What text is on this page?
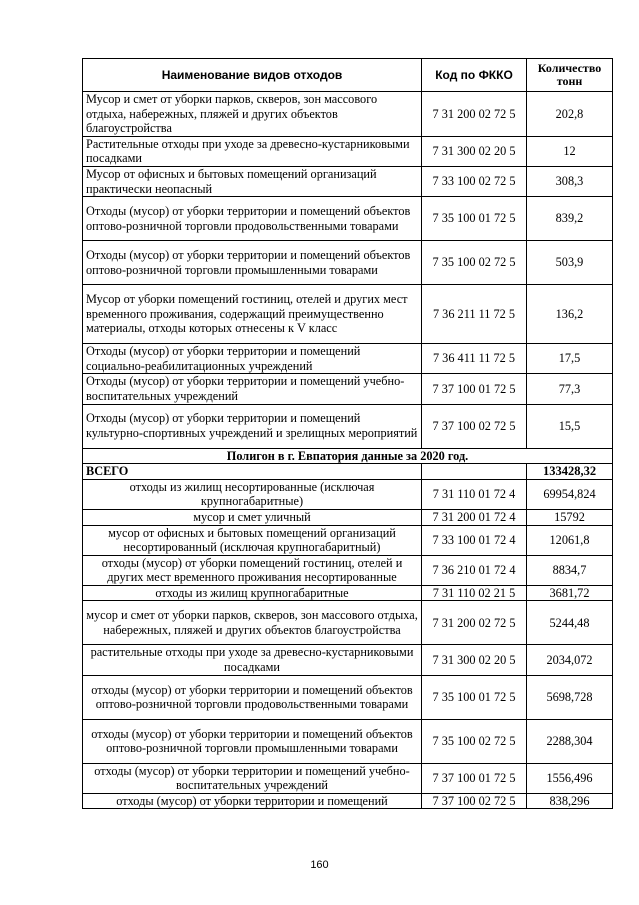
Наименование видов отходов	Код по ФККО	Количество тонн
Мусор и смет от уборки парков, скверов, зон массового отдыха, набережных, пляжей и других объектов благоустройства	7 31 200 02 72 5	202,8
Растительные отходы при уходе за древесно-кустарниковыми посадками	7 31 300 02 20 5	12
Мусор от офисных и бытовых помещений организаций практически неопасный	7 33 100 02 72 5	308,3
Отходы (мусор) от уборки территории и помещений объектов оптово-розничной торговли продовольственными товарами	7 35 100 01 72 5	839,2
Отходы (мусор) от уборки территории и помещений объектов оптово-розничной торговли промышленными товарами	7 35 100 02 72 5	503,9
Мусор от уборки помещений гостиниц, отелей и других мест временного проживания, содержащий преимущественно материалы, отходы которых отнесены к V класс	7 36 211 11 72 5	136,2
Отходы (мусор) от уборки территории и помещений социально-реабилитационных учреждений	7 36 411 11 72 5	17,5
Отходы (мусор) от уборки территории и помещений учебно-воспитательных учреждений	7 37 100 01 72 5	77,3
Отходы (мусор) от уборки территории и помещений культурно-спортивных учреждений и зрелищных мероприятий	7 37 100 02 72 5	15,5
Полигон в г. Евпатория данные за 2020 год.		
ВСЕГО		133428,32
отходы из жилищ несортированные (исключая крупногабаритные)	7 31 110 01 72 4	69954,824
мусор и смет уличный	7 31 200 01 72 4	15792
мусор от офисных и бытовых помещений организаций несортированный (исключая крупногабаритный)	7 33 100 01 72 4	12061,8
отходы (мусор) от уборки помещений гостиниц, отелей и других мест временного проживания несортированные	7 36 210 01 72 4	8834,7
отходы из жилищ крупногабаритные	7 31 110 02 21 5	3681,72
мусор и смет от уборки парков, скверов, зон массового отдыха, набережных, пляжей и других объектов благоустройства	7 31 200 02 72 5	5244,48
растительные отходы при уходе за древесно-кустарниковыми посадками	7 31 300 02 20 5	2034,072
отходы (мусор) от уборки территории и помещений объектов оптово-розничной торговли продовольственными товарами	7 35 100 01 72 5	5698,728
отходы (мусор) от уборки территории и помещений объектов оптово-розничной торговли промышленными товарами	7 35 100 02 72 5	2288,304
отходы (мусор) от уборки территории и помещений учебно-воспитательных учреждений	7 37 100 01 72 5	1556,496
отходы (мусор) от уборки территории и помещений	7 37 100 02 72 5	838,296
160
